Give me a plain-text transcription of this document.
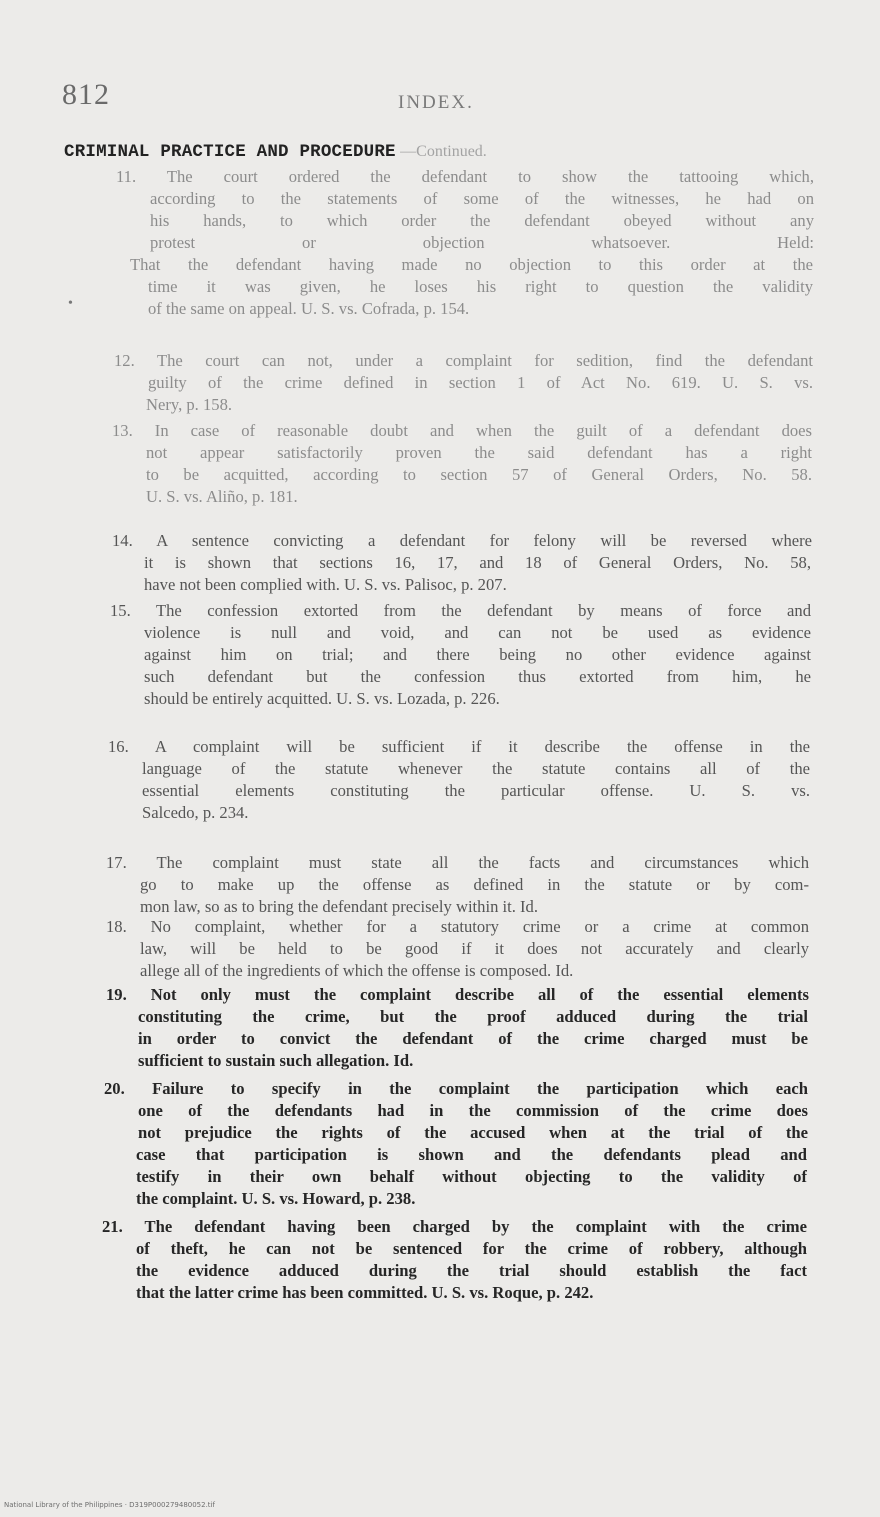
812	INDEX.
•
CRIMINAL PRACTICE AND PROCEDURE —Continued.
11. The court ordered the defendant to show the tattooing which,
according to the statements of some of the witnesses, he had on
his hands, to which order the defendant obeyed without any
protest or objection whatsoever. Held:
That the defendant having made no objection to this order at the
time it was given, he loses his right to question the validity
of the same on appeal. U. S. vs. Cofrada, p. 154.
12. The court can not, under a complaint for sedition, find the defendant
guilty of the crime defined in section 1 of Act No. 619. U. S. vs.
Nery, p. 158.
13. In case of reasonable doubt and when the guilt of a defendant does
not appear satisfactorily proven the said defendant has a right
to be acquitted, according to section 57 of General Orders, No. 58.
U. S. vs. Aliño, p. 181.
14. A sentence convicting a defendant for felony will be reversed where
it is shown that sections 16, 17, and 18 of General Orders, No. 58,
have not been complied with. U. S. vs. Palisoc, p. 207.
15. The confession extorted from the defendant by means of force and
violence is null and void, and can not be used as evidence
against him on trial; and there being no other evidence against
such defendant but the confession thus extorted from him, he
should be entirely acquitted. U. S. vs. Lozada, p. 226.
16. A complaint will be sufficient if it describe the offense in the
language of the statute whenever the statute contains all of the
essential elements constituting the particular offense. U. S. vs.
Salcedo, p. 234.
17. The complaint must state all the facts and circumstances which
go to make up the offense as defined in the statute or by com-
mon law, so as to bring the defendant precisely within it. Id.
18. No complaint, whether for a statutory crime or a crime at common
law, will be held to be good if it does not accurately and clearly
allege all of the ingredients of which the offense is composed. Id.
19. Not only must the complaint describe all of the essential elements
constituting the crime, but the proof adduced during the trial
in order to convict the defendant of the crime charged must be
sufficient to sustain such allegation. Id.
20. Failure to specify in the complaint the participation which each
one of the defendants had in the commission of the crime does
not prejudice the rights of the accused when at the trial of the
case that participation is shown and the defendants plead and
testify in their own behalf without objecting to the validity of
the complaint. U. S. vs. Howard, p. 238.
21. The defendant having been charged by the complaint with the crime
of theft, he can not be sentenced for the crime of robbery, although
the evidence adduced during the trial should establish the fact
that the latter crime has been committed. U. S. vs. Roque, p. 242.
National Library of the Philippines · D319P000279480052.tif
